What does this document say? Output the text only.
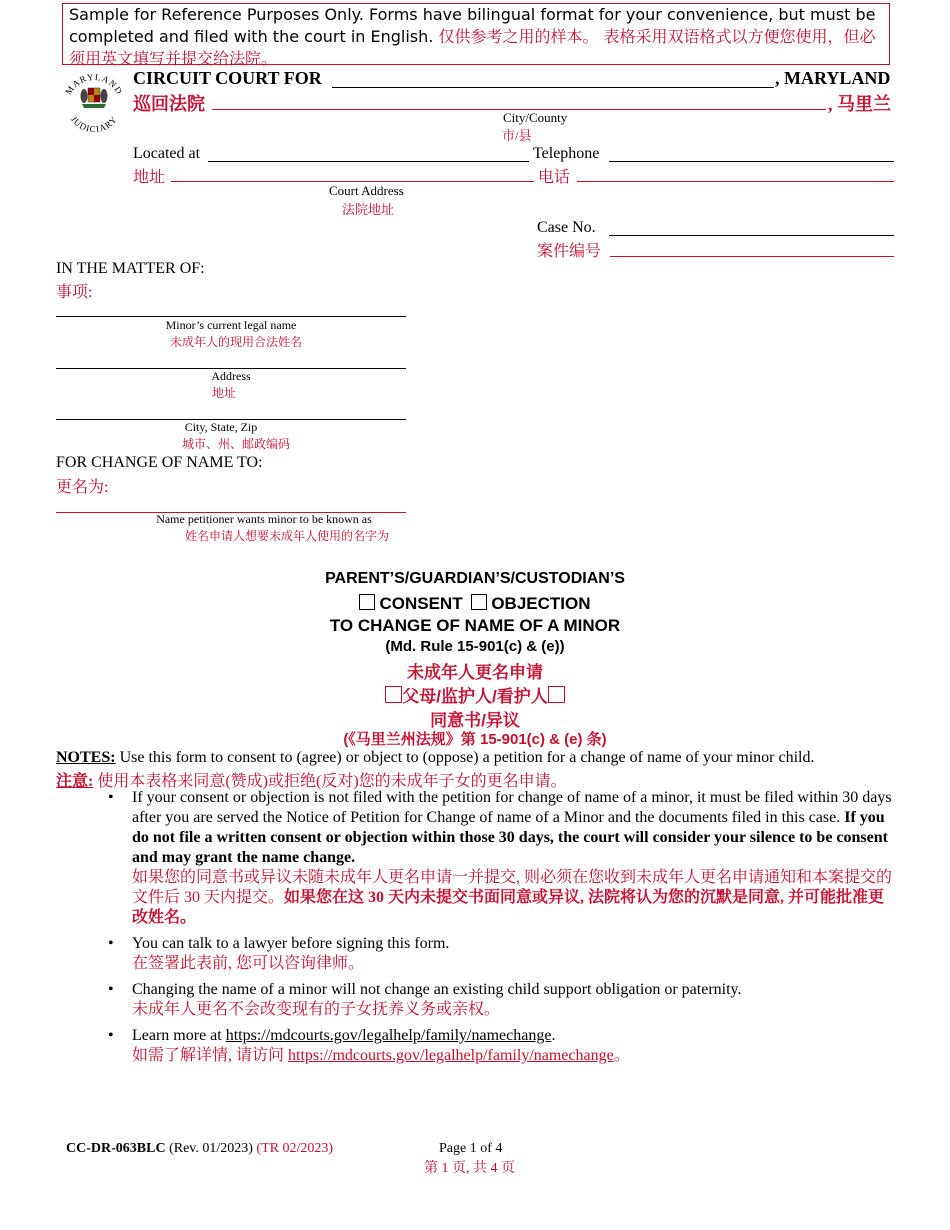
Sample for Reference Purposes Only. Forms have bilingual format for your convenience, but must be completed and filed with the court in English. 仅供参考之用的样本。 表格采用双语格式以方便您使用，但必须用英文填写并提交给法院。
MARYLAND
JUDICIARY
CIRCUIT COURT FOR	, MARYLAND
巡回法院	, 马里兰
City/County
市/县
Located at	Telephone
地址	电话
Court Address
法院地址
Case No.
案件编号
IN THE MATTER OF:
事项:
Minor’s current legal name
未成年人的现用合法姓名
Address
地址
City, State, Zip
城市、州、邮政编码
FOR CHANGE OF NAME TO:
更名为:
Name petitioner wants minor to be known as
姓名申请人想要未成年人使用的名字为
PARENT’S/GUARDIAN’S/CUSTODIAN’S
CONSENT OBJECTION
TO CHANGE OF NAME OF A MINOR
(Md. Rule 15-901(c) & (e))
未成年人更名申请
父母/监护人/看护人
同意书/异议
(《马里兰州法规》第 15-901(c) & (e) 条)
NOTES: Use this form to consent to (agree) or object to (oppose) a petition for a change of name of your minor child.
注意: 使用本表格来同意(赞成)或拒绝(反对)您的未成年子女的更名申请。
• If your consent or objection is not filed with the petition for change of name of a minor, it must be filed within 30 days after you are served the Notice of Petition for Change of name of a Minor and the documents filed in this case. If you do not file a written consent or objection within those 30 days, the court will consider your silence to be consent and may grant the name change.
如果您的同意书或异议未随未成年人更名申请一并提交, 则必须在您收到未成年人更名申请通知和本案提交的文件后 30 天内提交。如果您在这 30 天内未提交书面同意或异议, 法院将认为您的沉默是同意, 并可能批准更改姓名。
• You can talk to a lawyer before signing this form.
在签署此表前, 您可以咨询律师。
• Changing the name of a minor will not change an existing child support obligation or paternity.
未成年人更名不会改变现有的子女抚养义务或亲权。
• Learn more at https://mdcourts.gov/legalhelp/family/namechange.
如需了解详情, 请访问 https://mdcourts.gov/legalhelp/family/namechange。
CC-DR-063BLC (Rev. 01/2023) (TR 02/2023)	Page 1 of 4
第 1 页, 共 4 页
